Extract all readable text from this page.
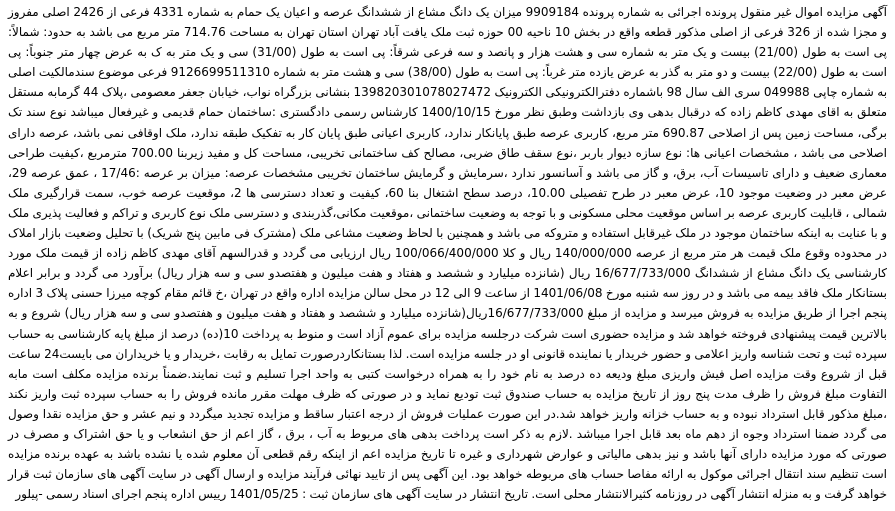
آگهی مزایده اموال غیر منقول پرونده اجرائی به شماره پرونده 9909184 میزان یک دانگ مشاع از ششدانگ عرصه و اعیان یک حمام به شماره 4331 فرعی از 2426 اصلی مفروز و مجزا شده از 326 فرعی از اصلی مذکور قطعه واقع در بخش 10 ناحیه 00 حوزه ثبت ملک یافت آباد تهران استان تهران به مساحت 714.76 متر مربع می باشد به حدود: شمالاً: پی است به طول (21/00) بیست و یک متر به شماره سی و هشت هزار و پانصد و سه فرعی شرقاً: پی است به طول (31/00) سی و یک متر به ک به عرض چهار متر جنوباً: پی است به طول (22/00) بیست و دو متر به گذر به عرض یازده متر غرباً: پی است به طول (38/00) سی و هشت متر به شماره 9126699511310 فرعی موضوع سندمالکیت اصلی به شماره چاپی 049988 سری الف سال 98 باشماره دفترالکترونیکی الکترونیک 139820301078027472 بنشانی بزرگراه نواب، خیابان جعفر معصومی ،پلاک 44 گرمابه مستقل متعلق به اقای مهدی کاظم زاده که درقبال بدهی وی بازداشت وطبق نظر مورخ 1400/10/15 کارشناس رسمی دادگستری :ساختمان حمام قدیمی و غیرفعال میباشد نوع سند تک برگی، مساحت زمین پس از اصلاحی 690.87 متر مربع، کاربری عرصه طبق پایانکار ندارد، کاربری اعیانی طبق پایان کار به تفکیک طبقه ندارد، ملک اوقافی نمی باشد، عرصه دارای اصلاحی می باشد ، مشخصات اعیانی ها: نوع سازه دیوار باربر ،نوع سقف طاق ضربی، مصالح کف ساختمانی تخریبی، مساحت کل و مفید زیربنا 700.00 مترمربع ،کیفیت طراحی معماری ضعیف و دارای تاسیسات آب، برق، و گاز می باشد و آسانسور ندارد ،سرمایش و گرمایش ساختمان تخریبی مشخصات عرصه: میزان بر عرصه :17/46 ، عمق عرصه 29، عرض معبر در وضعیت موجود 10، عرض معبر در طرح تفصیلی 10.00، درصد سطح اشتغال بنا 60، کیفیت و تعداد دسترسی ها 2، موقعیت عرصه خوب، سمت قرارگیری ملک شمالی ، قابلیت کاربری عرصه بر اساس موقعیت محلی مسکونی و با توجه به وضعیت ساختمانی ،موقعیت مکانی،گذربندی و دسترسی ملک نوع کاربری و تراکم و فعالیت پذیری ملک و با عنایت به اینکه ساختمان موجود در ملک غیرقابل استفاده و متروکه می باشد و همچنین با لحاظ وضعیت مشاعی ملک (مشترک فی مابین پنج شریک) با تحلیل وضعیت بازار املاک در محدوده وقوع ملک قیمت هر متر مربع از عرصه 140/000/000 ریال و کلا 100/066/400/000 ریال ارزیابی می گردد و قدرالسهم آقای مهدی کاظم زاده از قیمت ملک مورد کارشناسی یک دانگ مشاع از ششدانگ 16/677/733/000 ریال (شانزده میلیارد و ششصد و هفتاد و هفت میلیون و هفتصدو سی و سه هزار ریال) برآورد می گردد و برابر اعلام بستانکار ملک فاقد بیمه می باشد و در روز سه شنبه مورخ 1401/06/08 از ساعت 9 الی 12 در محل سالن مزایده اداره واقع در تهران ،خ قائم مقام کوچه میرزا حسنی پلاک 3 اداره پنجم اجرا از طریق مزایده به فروش میرسد و مزایده از مبلغ 16/677/733/000ریال(شانزده میلیارد و ششصد و هفتاد و هفت میلیون و هفتصدو سی و سه هزار ریال) شروع و به بالاترین قیمت پیشنهادی فروخته خواهد شد و مزایده حضوری است شرکت درجلسه مزایده برای عموم آزاد است و منوط به پرداخت 10(ده) درصد از مبلغ پایه کارشناسی به حساب سپرده ثبت و تحت شناسه واریز اعلامی و حضور خریدار یا نماینده قانونی او در جلسه مزایده است. لذا بستانکاردرصورت تمایل به رقابت ،خریدار و یا خریداران می بایست24 ساعت قبل از شروع وقت مزایده اصل فیش واریزی مبلغ ودیعه ده درصد به نام خود را به همراه درخواست کتبی به واحد اجرا تسلیم و ثبت نمایند.ضمناً برنده مزایده مکلف است مابه التفاوت مبلغ فروش را ظرف مدت پنج روز از تاریخ مزایده به حساب صندوق ثبت تودیع نماید و در صورتی که ظرف مهلت مقرر مانده فروش را به حساب سپرده ثبت واریز نکند ،مبلغ مذکور قابل استرداد نبوده و به حساب خزانه واریز خواهد شد.در این صورت عملیات فروش از درجه اعتبار ساقط و مزایده تجدید میگردد و نیم عشر و حق مزایده نقدا وصول می گردد ضمنا استرداد وجوه از دهم ماه بعد قابل اجرا میباشد .لازم به ذکر است پرداخت بدهی های مربوط به آب ، برق ، گاز اعم از حق انشعاب و یا حق اشتراک و مصرف در صورتی که مورد مزایده دارای آنها باشد و نیز بدهی مالیاتی و عوارض شهرداری و غیره تا تاریخ مزایده اعم از اینکه رقم قطعی آن معلوم شده یا نشده باشد به عهده برنده مزایده است تنظیم سند انتقال اجرائی موکول به ارائه مفاصا حساب های مربوطه خواهد بود. این آگهی پس از تایید نهائی فرآیند مزایده و ارسال آگهی در سایت آگهی های سازمان ثبت قرار خواهد گرفت و به منزله انتشار آگهی در روزنامه کثیرالانتشار محلی است. تاریخ انتشار در سایت آگهی های سازمان ثبت : 1401/05/25 رییس اداره پنجم اجرای اسناد رسمی -پیلور
